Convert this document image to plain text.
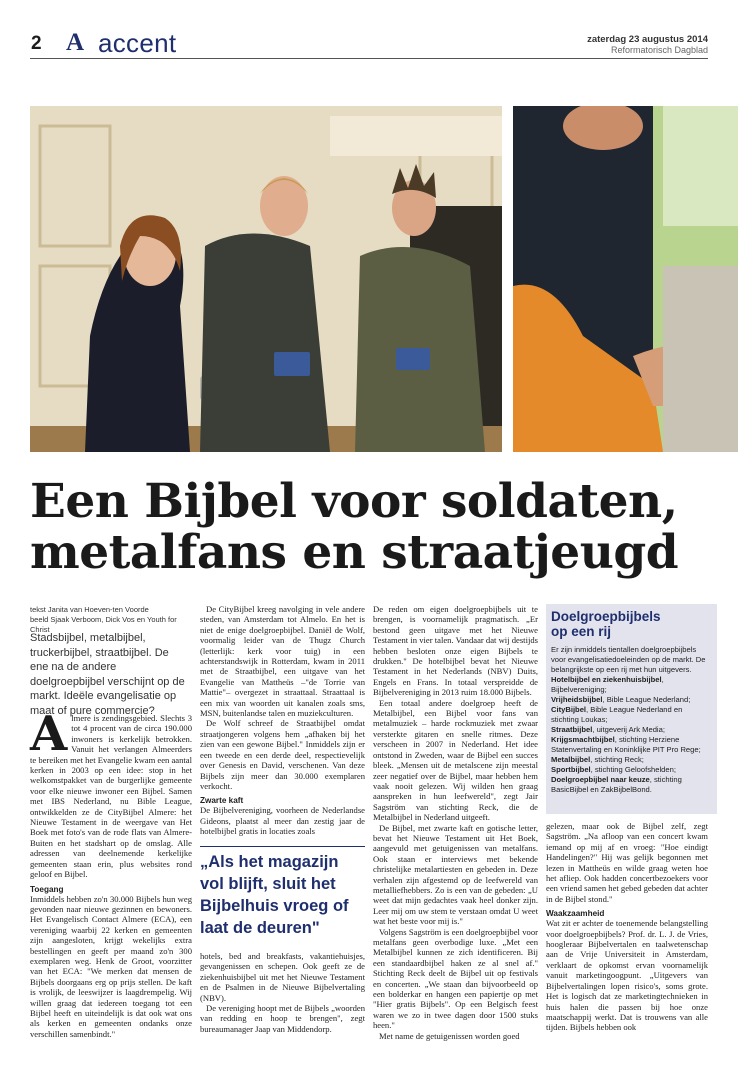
2 A accent	zaterdag 23 augustus 2014
Reformatorisch Dagblad
Een Bijbel voor soldaten,
metalfans en straatjeugd
tekst Janita van Hoeven-ten Voorde
beeld Sjaak Verboom, Dick Vos en Youth for Christ
Stadsbijbel, metalbijbel, truckerbijbel, straatbijbel. De ene na de andere doelgroepbijbel verschijnt op de markt. Ideële evangelisatie op maat of pure commercie?

Almere is zendingsgebied. Slechts 3 tot 4 procent van de circa 190.000 inwoners is kerkelijk betrokken. Vanuit het verlangen Almeerders te bereiken met het Evangelie kwam een aantal kerken in 2003 op een idee: stop in het welkomstpakket van de burgerlijke gemeente voor elke nieuwe inwoner een Bijbel. Samen met IBS Nederland, nu Bible League, ontwikkelden ze de CityBijbel Almere: het Nieuwe Testament in de weergave van Het Boek met foto's van de rode flats van Almere-Buiten en het stadshart op de omslag. Alle adressen van deelnemende kerkelijke gemeenten staan erin, plus websites rond geloof en Bijbel.

Toegang

Inmiddels hebben zo'n 30.000 Bijbels hun weg gevonden naar nieuwe gezinnen en bewoners. Het Evangelisch Contact Almere (ECA), een vereniging waarbij 22 kerken en gemeenten zijn aangesloten, krijgt wekelijks extra bestellingen en geeft per maand zo'n 300 exemplaren weg. Henk de Groot, voorzitter van het ECA: "We merken dat mensen de Bijbels doorgaans erg op prijs stellen. De kaft is vrolijk, de leeswijzer is laagdrempelig. Wij willen graag dat iedereen toegang tot een Bijbel heeft en uiteindelijk is dat ook wat ons als kerken en gemeenten ondanks onze verschillen samenbindt."

De CityBijbel kreeg navolging in vele andere steden, van Amsterdam tot Almelo. En het is niet de enige doelgroepbijbel. Daniël de Wolf, voormalig leider van de Thugz Church (letterlijk: kerk voor tuig) in een achterstandswijk in Rotterdam, kwam in 2011 met de Straatbijbel, een uitgave van het Evangelie van Mattheüs –"de Torrie van Mattie"– overgezet in straattaal. Straattaal is een mix van woorden uit kanalen zoals sms, MSN, buitenlandse talen en muziekculturen.

De Wolf schreef de Straatbijbel omdat straatjongeren volgens hem „afhaken bij het zien van een gewone Bijbel." Inmiddels zijn er een tweede en een derde deel, respectievelijk over Genesis en David, verschenen. Van deze Bijbels zijn meer dan 30.000 exemplaren verkocht.

Zwarte kaft

De Bijbelvereniging, voorheen de Nederlandse Gideons, plaatst al meer dan zestig jaar de hotelbijbel gratis in locaties zoals

„Als het magazijn vol blijft, sluit het Bijbelhuis vroeg of laat de deuren"

hotels, bed and breakfasts, vakantiehuisjes, gevangenissen en schepen. Ook geeft ze de ziekenhuisbijbel uit met het Nieuwe Testament en de Psalmen in de Nieuwe Bijbelvertaling (NBV).

De vereniging hoopt met de Bijbels „woorden van redding en hoop te brengen", zegt bureaumanager Jaap van Middendorp.

De reden om eigen doelgroepbijbels uit te brengen, is voornamelijk pragmatisch. „Er bestond geen uitgave met het Nieuwe Testament in vier talen. Vandaar dat wij destijds hebben besloten onze eigen Bijbels te drukken." De hotelbijbel bevat het Nieuwe Testament in het Nederlands (NBV) Duits, Engels en Frans. In totaal verspreidde de Bijbelvereniging in 2013 ruim 18.000 Bijbels.

Een totaal andere doelgroep heeft de Metalbijbel, een Bijbel voor fans van metalmuziek – harde rockmuziek met zwaar versterkte gitaren en snelle ritmes. Deze verscheen in 2007 in Nederland. Het idee ontstond in Zweden, waar de Bijbel een succes bleek. „Mensen uit de metalscene zijn meestal zeer negatief over de Bijbel, maar hebben hem vaak nooit gelezen. Wij wilden hen graag aanspreken in hun leefwereld", zegt Jair Sagström van stichting Reck, die de Metalbijbel in Nederland uitgeeft.

De Bijbel, met zwarte kaft en gotische letter, bevat het Nieuwe Testament uit Het Boek, aangevuld met getuigenissen van metalfans. Ook staan er interviews met bekende christelijke metalartiesten en gebeden in. Deze verhalen zijn afgestemd op de leefwereld van metalliefhebbers. Zo is een van de gebeden: „U weet dat mijn gedachtes vaak heel donker zijn. Leer mij om uw stem te verstaan omdat U weet wat het beste voor mij is."

Volgens Sagström is een doelgroepbijbel voor metalfans geen overbodige luxe. „Met een Metalbijbel kunnen ze zich identificeren. Bij een standaardbijbel haken ze al snel af." Stichting Reck deelt de Bijbel uit op festivals en concerten. „We staan dan bijvoorbeeld op een bolderkar en hangen een papiertje op met "Hier gratis Bijbels". Op een Belgisch feest waren we zo in twee dagen door 1500 stuks heen."

Met name de getuigenissen worden goed

Doelgroepbijbels
op een rij
Er zijn inmiddels tientallen doelgroepbijbels voor evangelisatiedoeleinden op de markt. De belangrijkste op een rij met hun uitgevers.
Hotelbijbel en ziekenhuisbijbel, Bijbelvereniging;
Vrijheidsbijbel, Bible League Nederland;
CityBijbel, Bible League Nederland en stichting Loukas;
Straatbijbel, uitgeverij Ark Media;
Krijgsmachtbijbel, stichting Herziene Statenvertaling en Koninklijke PIT Pro Rege;
Metalbijbel, stichting Reck;
Sportbijbel, stichting Geloofshelden;
Doelgroepbijbel naar keuze, stichting BasicBijbel en ZakBijbelBond.

gelezen, maar ook de Bijbel zelf, zegt Sagström. „Na afloop van een concert kwam iemand op mij af en vroeg: "Hoe eindigt Handelingen?" Hij was gelijk begonnen met lezen in Mattheüs en wilde graag weten hoe het afliep. Ook hadden concertbezoekers voor een vriend samen het gebed gebeden dat achter in de Bijbel stond."

Waakzaamheid

Wat zit er achter de toenemende belangstelling voor doelgroepbijbels? Prof. dr. L. J. de Vries, hoogleraar Bijbelvertalen en taalwetenschap aan de Vrije Universiteit in Amsterdam, verklaart de opkomst ervan voornamelijk vanuit marketingoogpunt. „Uitgevers van Bijbelvertalingen lopen risico's, soms grote. Het is logisch dat ze marketingtechnieken in huis halen die passen bij hoe onze maatschappij werkt. Dat is trouwens van alle tijden. Bijbels hebben ook
